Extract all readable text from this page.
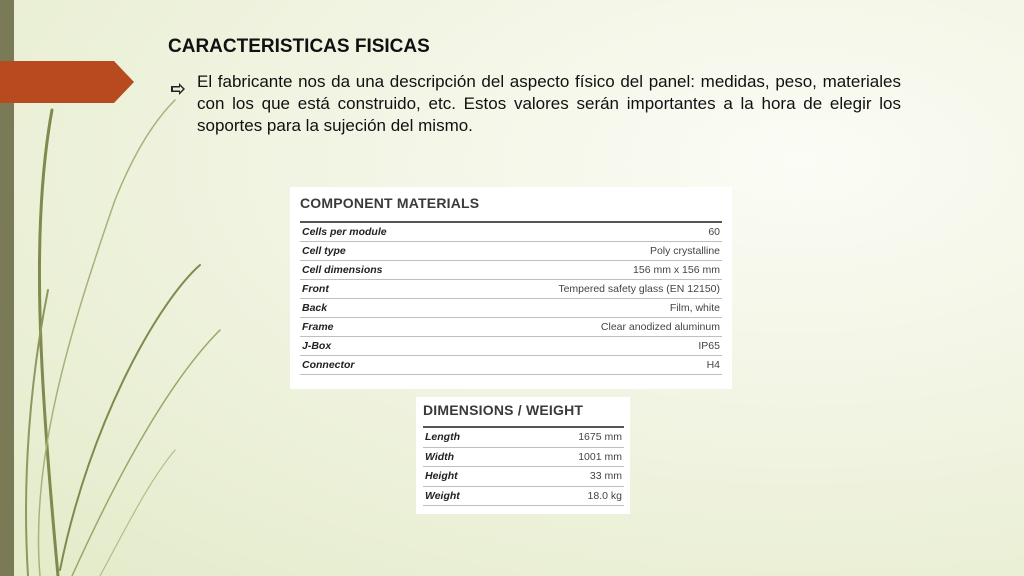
CARACTERISTICAS FISICAS
El fabricante nos da una descripción del aspecto físico del panel: medidas, peso, materiales con los que está construido, etc. Estos valores serán importantes a la hora de elegir los soportes para la sujeción del mismo.
COMPONENT MATERIALS
Cells per module	60
Cell type	Poly crystalline
Cell dimensions	156 mm x 156 mm
Front	Tempered safety glass (EN 12150)
Back	Film, white
Frame	Clear anodized aluminum
J-Box	IP65
Connector	H4
DIMENSIONS / WEIGHT
Length	1675 mm
Width	1001 mm
Height	33 mm
Weight	18.0 kg
